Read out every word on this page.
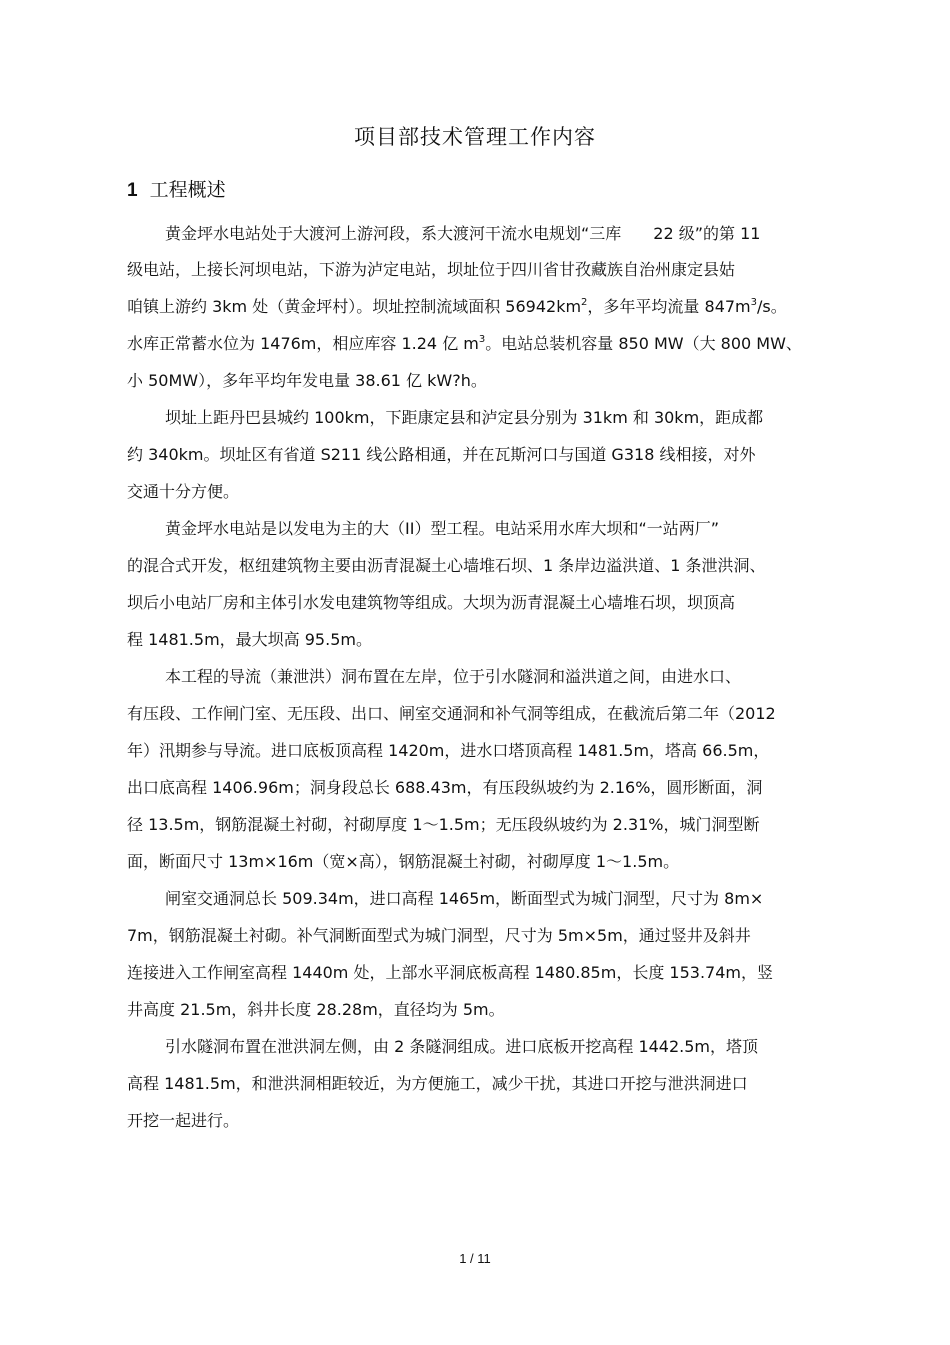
项目部技术管理工作内容
1 工程概述
黄金坪水电站处于大渡河上游河段，系大渡河干流水电规划“三库　　22 级”的第 11
级电站，上接长河坝电站，下游为泸定电站，坝址位于四川省甘孜藏族自治州康定县姑
咱镇上游约 3km 处（黄金坪村）。坝址控制流域面积 $56942km^2$，多年平均流量 $847m^3/s$。
水库正常蓄水位为 1476m，相应库容 1.24 亿 $m^3$。电站总装机容量 850 MW（大 800 MW、
小 50MW），多年平均年发电量 38.61 亿 kW?h。
坝址上距丹巴县城约 100km，下距康定县和泸定县分别为 31km 和 30km，距成都
约 340km。坝址区有省道 S211 线公路相通，并在瓦斯河口与国道 G318 线相接，对外
交通十分方便。
黄金坪水电站是以发电为主的大（II）型工程。电站采用水库大坝和“一站两厂”
的混合式开发，枢纽建筑物主要由沥青混凝土心墙堆石坝、1 条岸边溢洪道、1 条泄洪洞、
坝后小电站厂房和主体引水发电建筑物等组成。大坝为沥青混凝土心墙堆石坝，坝顶高
程 1481.5m，最大坝高 95.5m。
本工程的导流（兼泄洪）洞布置在左岸，位于引水隧洞和溢洪道之间，由进水口、
有压段、工作闸门室、无压段、出口、闸室交通洞和补气洞等组成，在截流后第二年（2012
年）汛期参与导流。进口底板顶高程 1420m，进水口塔顶高程 1481.5m，塔高 66.5m，
出口底高程 1406.96m；洞身段总长 688.43m，有压段纵坡约为 2.16%，圆形断面，洞
径 13.5m，钢筋混凝土衬砌，衬砌厚度 1～1.5m；无压段纵坡约为 2.31%，城门洞型断
面，断面尺寸 13m×16m（宽×高），钢筋混凝土衬砌，衬砌厚度 1～1.5m。
闸室交通洞总长 509.34m，进口高程 1465m，断面型式为城门洞型，尺寸为 8m×
7m，钢筋混凝土衬砌。补气洞断面型式为城门洞型，尺寸为 5m×5m，通过竖井及斜井
连接进入工作闸室高程 1440m 处，上部水平洞底板高程 1480.85m，长度 153.74m，竖
井高度 21.5m，斜井长度 28.28m，直径均为 5m。
引水隧洞布置在泄洪洞左侧，由 2 条隧洞组成。进口底板开挖高程 1442.5m，塔顶
高程 1481.5m，和泄洪洞相距较近，为方便施工，减少干扰，其进口开挖与泄洪洞进口
开挖一起进行。
1 / 11
